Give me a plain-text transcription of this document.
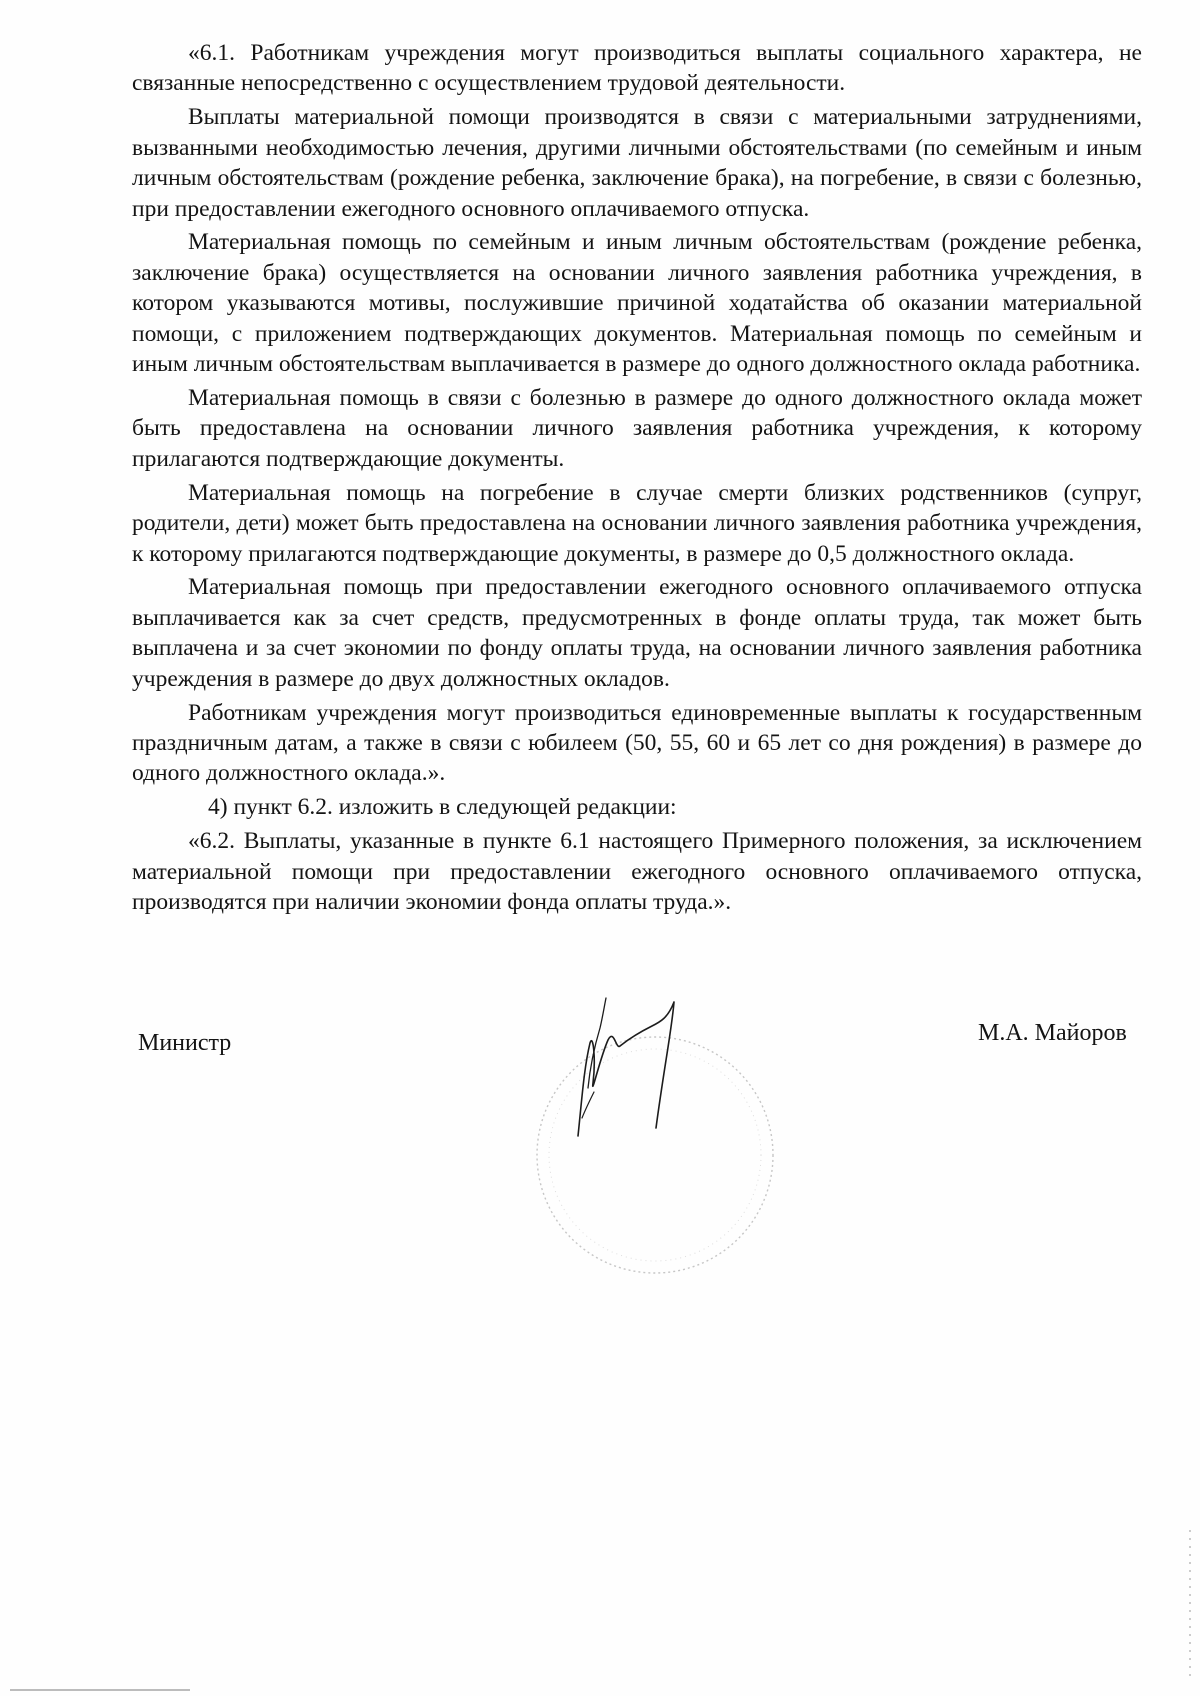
«6.1. Работникам учреждения могут производиться выплаты социального характера, не связанные непосредственно с осуществлением трудовой деятельности.

Выплаты материальной помощи производятся в связи с материальными затруднениями, вызванными необходимостью лечения, другими личными обстоятельствами (по семейным и иным личным обстоятельствам (рождение ребенка, заключение брака), на погребение, в связи с болезнью, при предоставлении ежегодного основного оплачиваемого отпуска.

Материальная помощь по семейным и иным личным обстоятельствам (рождение ребенка, заключение брака) осуществляется на основании личного заявления работника учреждения, в котором указываются мотивы, послужившие причиной ходатайства об оказании материальной помощи, с приложением подтверждающих документов. Материальная помощь по семейным и иным личным обстоятельствам выплачивается в размере до одного должностного оклада работника.

Материальная помощь в связи с болезнью в размере до одного должностного оклада может быть предоставлена на основании личного заявления работника учреждения, к которому прилагаются подтверждающие документы.

Материальная помощь на погребение в случае смерти близких родственников (супруг, родители, дети) может быть предоставлена на основании личного заявления работника учреждения, к которому прилагаются подтверждающие документы, в размере до 0,5 должностного оклада.

Материальная помощь при предоставлении ежегодного основного оплачиваемого отпуска выплачивается как за счет средств, предусмотренных в фонде оплаты труда, так может быть выплачена и за счет экономии по фонду оплаты труда, на основании личного заявления работника учреждения в размере до двух должностных окладов.

Работникам учреждения могут производиться единовременные выплаты к государственным праздничным датам, а также в связи с юбилеем (50, 55, 60 и 65 лет со дня рождения) в размере до одного должностного оклада.».

4) пункт 6.2. изложить в следующей редакции:

«6.2. Выплаты, указанные в пункте 6.1 настоящего Примерного положения, за исключением материальной помощи при предоставлении ежегодного основного оплачиваемого отпуска, производятся при наличии экономии фонда оплаты труда.».

Министр	М.А. Майоров
